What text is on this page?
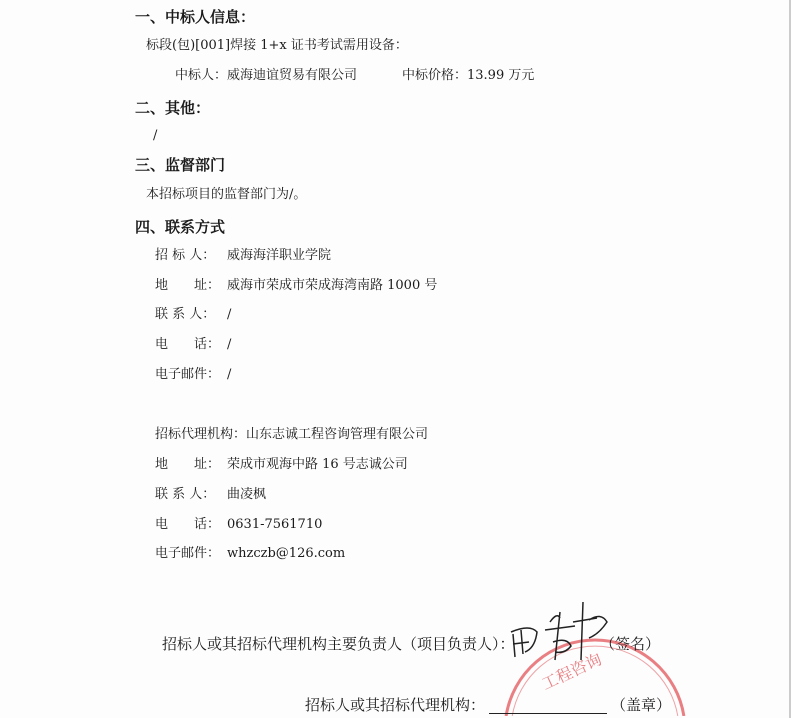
一、中标人信息：
标段(包)[001]焊接 1+x 证书考试需用设备：
中标人：威海迪谊贸易有限公司	中标价格：13.99 万元
二、其他：
/
三、监督部门
本招标项目的监督部门为/。
四、联系方式
招 标 人： 威海海洋职业学院
地　　址： 威海市荣成市荣成海湾南路 1000 号
联 系 人： /
电　　话： /
电子邮件： /
招标代理机构：山东志诚工程咨询管理有限公司
地　　址： 荣成市观海中路 16 号志诚公司
联 系 人： 曲凌枫
电　　话： 0631-7561710
电子邮件： whzczb@126.com
工程咨询
招标人或其招标代理机构主要负责人（项目负责人）：	（签名）
招标人或其招标代理机构：	（盖章）
